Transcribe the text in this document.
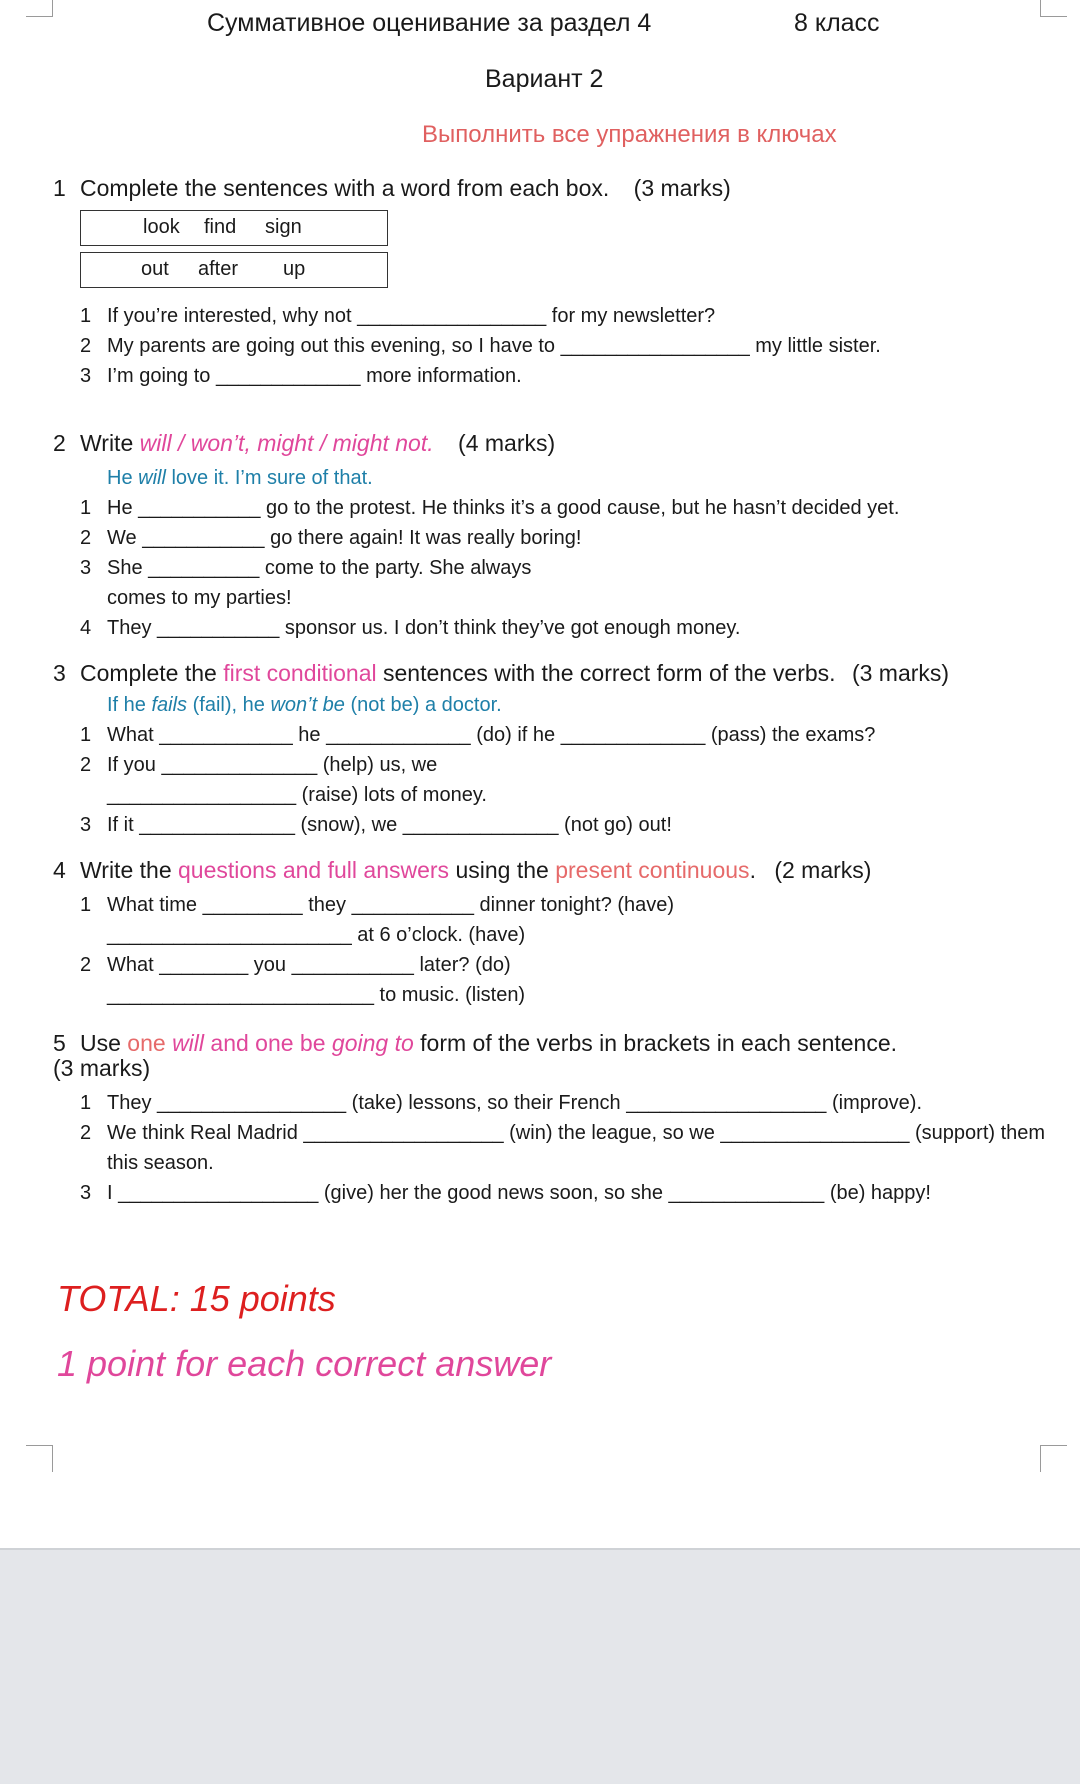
Суммативное оценивание за раздел 4	8 класс
Вариант 2
Выполнить все упражнения в ключах
1 Complete the sentences with a word from each box. (3 marks)
look find sign
out after up
1 If you’re interested, why not _________________ for my newsletter?
2 My parents are going out this evening, so I have to _________________ my little sister.
3 I’m going to _____________ more information.
2 Write will / won’t, might / might not. (4 marks)
He will love it. I’m sure of that.
1 He ___________ go to the protest. He thinks it’s a good cause, but he hasn’t decided yet.
2 We ___________ go there again! It was really boring!
3 She __________ come to the party. She always
comes to my parties!
4 They ___________ sponsor us. I don’t think they’ve got enough money.
3 Complete the first conditional sentences with the correct form of the verbs. (3 marks)
If he fails (fail), he won’t be (not be) a doctor.
1 What ____________ he _____________ (do) if he _____________ (pass) the exams?
2 If you ______________ (help) us, we
_________________ (raise) lots of money.
3 If it ______________ (snow), we ______________ (not go) out!
4 Write the questions and full answers using the present continuous. (2 marks)
1 What time _________ they ___________ dinner tonight? (have)
______________________ at 6 o’clock. (have)
2 What ________ you ___________ later? (do)
________________________ to music. (listen)
5 Use one will and one be going to form of the verbs in brackets in each sentence.
(3 marks)
1 They _________________ (take) lessons, so their French __________________ (improve).
2 We think Real Madrid __________________ (win) the league, so we _________________ (support) them
this season.
3 I __________________ (give) her the good news soon, so she ______________ (be) happy!
TOTAL: 15 points
1 point for each correct answer
